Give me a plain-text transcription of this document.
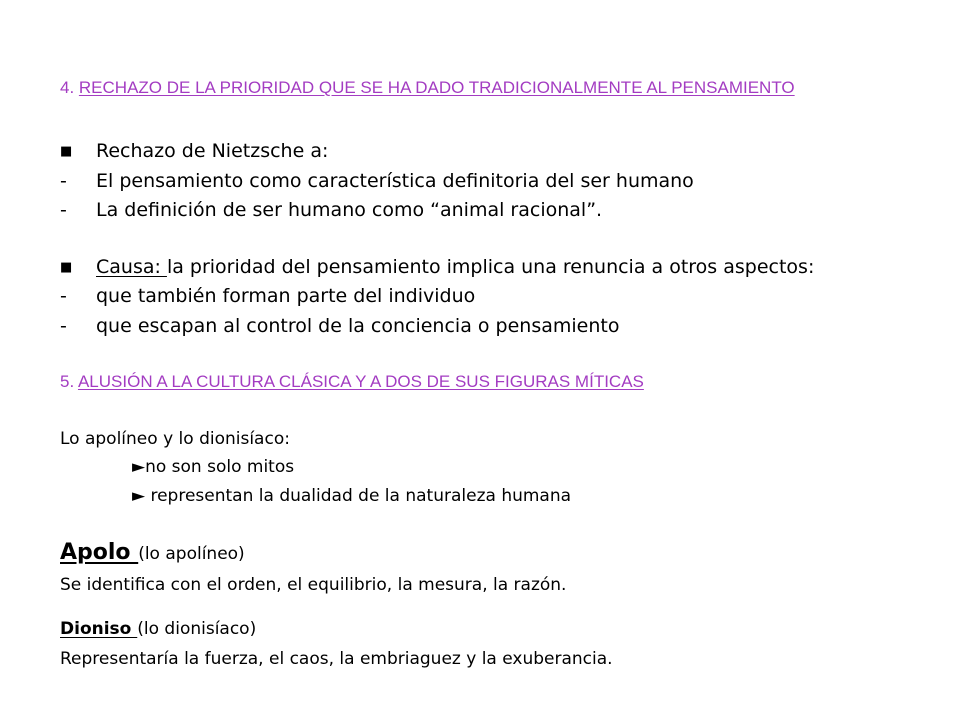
4. RECHAZO DE LA PRIORIDAD QUE SE HA DADO TRADICIONALMENTE AL PENSAMIENTO
■ Rechazo de Nietzsche a:
- El pensamiento como característica definitoria del ser humano
- La definición de ser humano como “animal racional”.
■ Causa: la prioridad del pensamiento implica una renuncia a otros aspectos:
- que también forman parte del individuo
- que escapan al control de la conciencia o pensamiento
5. ALUSIÓN A LA CULTURA CLÁSICA Y A DOS DE SUS FIGURAS MÍTICAS
Lo apolíneo y lo dionisíaco:
►no son solo mitos
► representan la dualidad de la naturaleza humana
Apolo (lo apolíneo)
Se identifica con el orden, el equilibrio, la mesura, la razón.
Dioniso (lo dionisíaco)
Representaría la fuerza, el caos, la embriaguez y la exuberancia.
